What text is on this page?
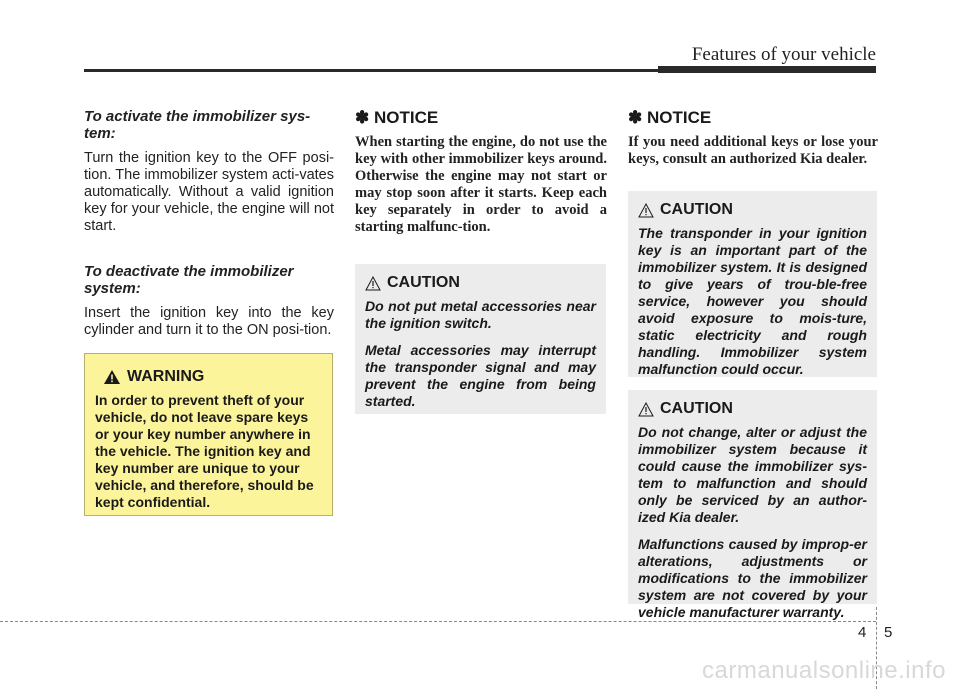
Features of your vehicle

To activate the immobilizer sys-tem:

Turn the ignition key to the OFF posi-tion. The immobilizer system acti-vates automatically. Without a valid ignition key for your vehicle, the engine will not start.

To deactivate the immobilizer system:

Insert the ignition key into the key cylinder and turn it to the ON posi-tion.

WARNING
In order to prevent theft of your vehicle, do not leave spare keys or your key number anywhere in the vehicle. The ignition key and key number are unique to your vehicle, and therefore, should be kept confidential.

✽ NOTICE

When starting the engine, do not use the key with other immobilizer keys around. Otherwise the engine may not start or may stop soon after it starts. Keep each key separately in order to avoid a starting malfunc-tion.

CAUTION

Do not put metal accessories near the ignition switch.

Metal accessories may interrupt the transponder signal and may prevent the engine from being started.

✽ NOTICE

If you need additional keys or lose your keys, consult an authorized Kia dealer.

CAUTION

The transponder in your ignition key is an important part of the immobilizer system. It is designed to give years of trou-ble-free service, however you should avoid exposure to mois-ture, static electricity and rough handling. Immobilizer system malfunction could occur.

CAUTION

Do not change, alter or adjust the immobilizer system because it could cause the immobilizer sys-tem to malfunction and should only be serviced by an author-ized Kia dealer.

Malfunctions caused by improp-er alterations, adjustments or modifications to the immobilizer system are not covered by your vehicle manufacturer warranty.

4 5
carmanualsonline.info
